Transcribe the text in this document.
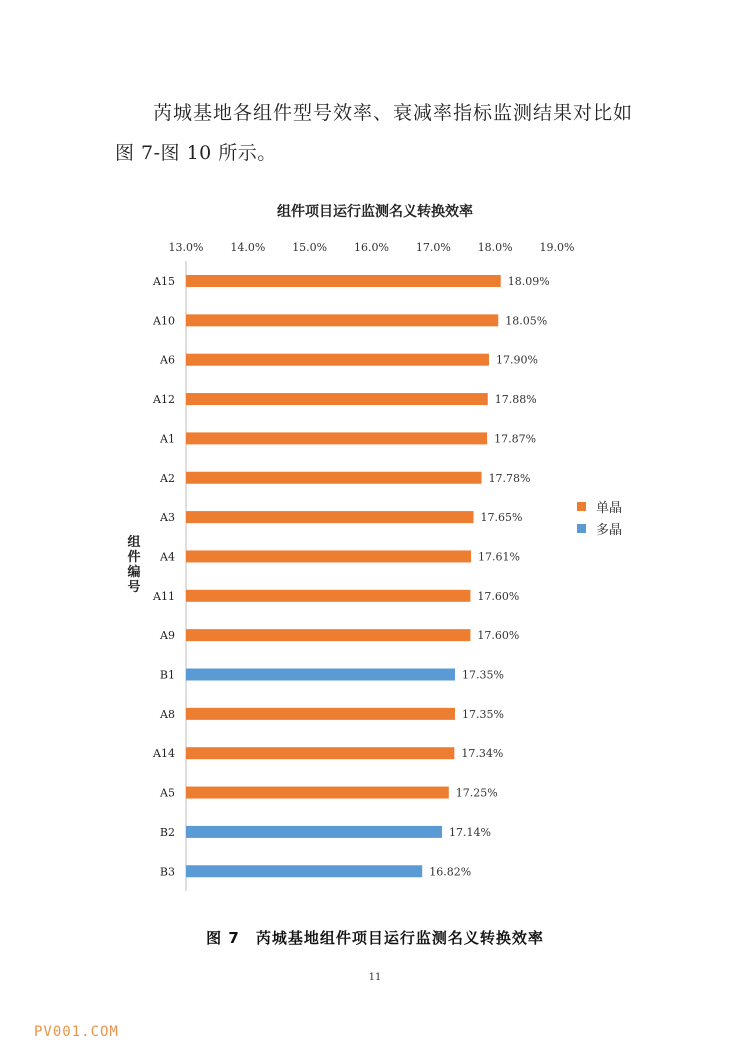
芮城基地各组件型号效率、衰减率指标监测结果对比如
图 7-图 10 所示。

组件项目运行监测名义转换效率
13.0% 14.0% 15.0% 16.0% 17.0% 18.0% 19.0%
A15	18.09%
A10	18.05%
A6	17.90%
A12	17.88%
A1	17.87%
A2	17.78%
A3	17.65%
A4	17.61%
A11	17.60%
A9	17.60%
B1	17.35%
A8	17.35%
A14	17.34%
A5	17.25%
B2	17.14%
B3	16.82%
组件编号
单晶
多晶
图 7　芮城基地组件项目运行监测名义转换效率
11
PV001.COM
